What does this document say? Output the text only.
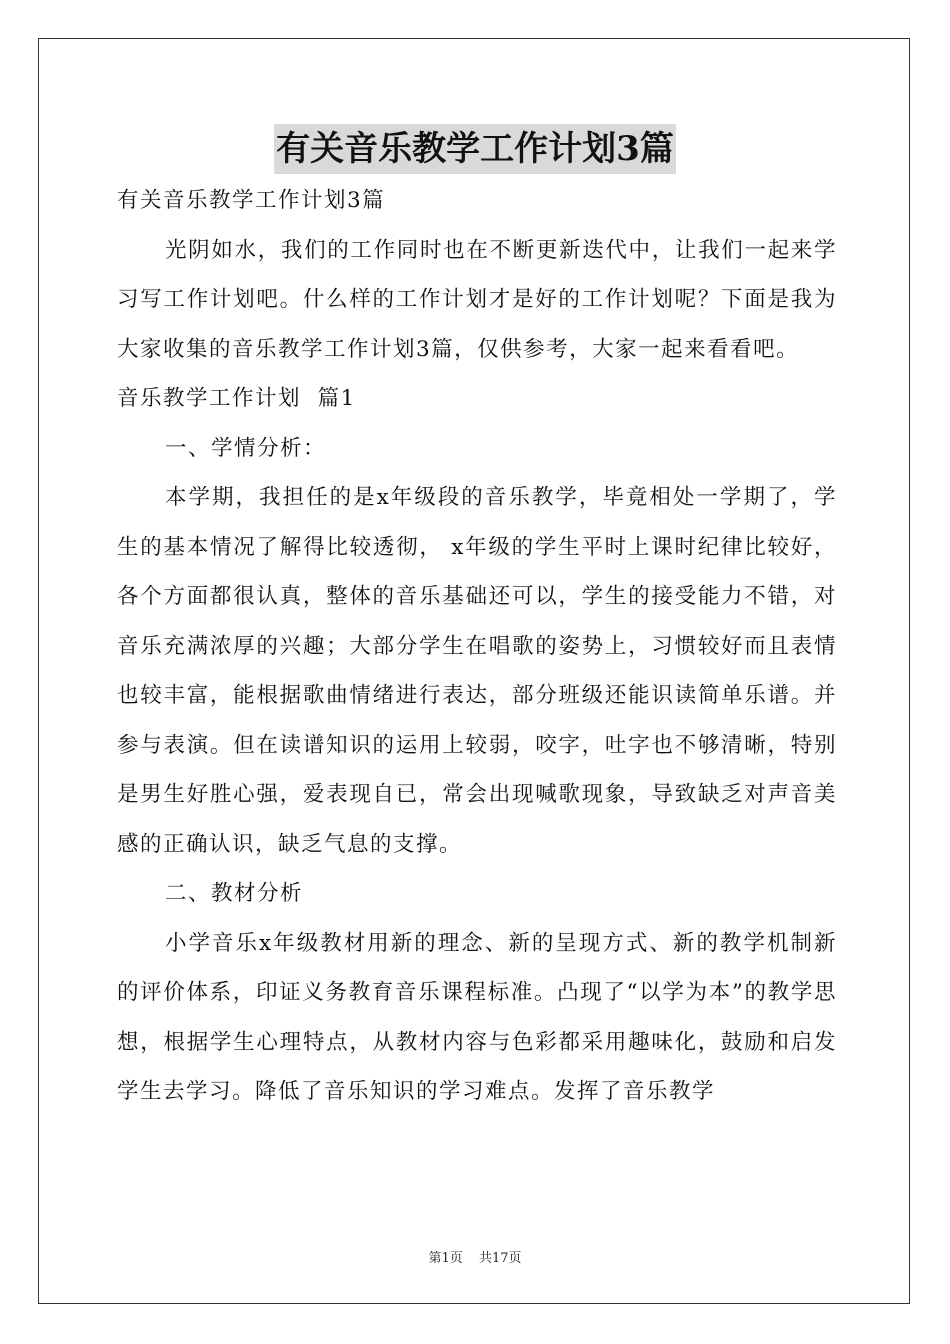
有关音乐教学工作计划3篇

有关音乐教学工作计划3篇

光阴如水，我们的工作同时也在不断更新迭代中，让我们一起来学习写工作计划吧。什么样的工作计划才是好的工作计划呢？下面是我为大家收集的音乐教学工作计划3篇，仅供参考，大家一起来看看吧。

音乐教学工作计划  篇1

一、学情分析：

本学期，我担任的是x年级段的音乐教学，毕竟相处一学期了，学生的基本情况了解得比较透彻， x年级的学生平时上课时纪律比较好，各个方面都很认真，整体的音乐基础还可以，学生的接受能力不错，对音乐充满浓厚的兴趣；大部分学生在唱歌的姿势上，习惯较好而且表情也较丰富，能根据歌曲情绪进行表达，部分班级还能识读简单乐谱。并参与表演。但在读谱知识的运用上较弱，咬字，吐字也不够清晰，特别是男生好胜心强，爱表现自已，常会出现喊歌现象，导致缺乏对声音美感的正确认识，缺乏气息的支撑。

二、教材分析

小学音乐x年级教材用新的理念、新的呈现方式、新的教学机制新的评价体系，印证义务教育音乐课程标准。凸现了“以学为本”的教学思想，根据学生心理特点，从教材内容与色彩都采用趣味化，鼓励和启发学生去学习。降低了音乐知识的学习难点。发挥了音乐教学

第1页 共17页
